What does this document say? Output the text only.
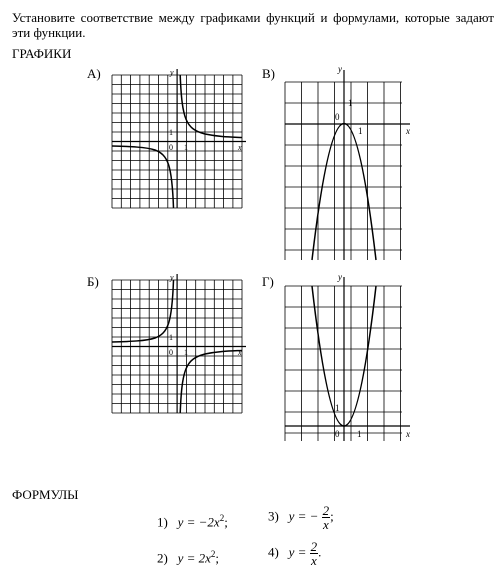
Установите соответствие между графиками функций и формулами, которые задают эти функции.
ГРАФИКИ
А)	В)
Б)	Г)
y
x
0 1
1
y
x
0 1
1
y
x
0
1
1
y
x
0 1
1
ФОРМУЛЫ
1) $y = -2x^2$;	3) y = − $\frac{2}{x}$ ;
2) $y = 2x^2$;	4) $y = \frac{2}{x}$ .
